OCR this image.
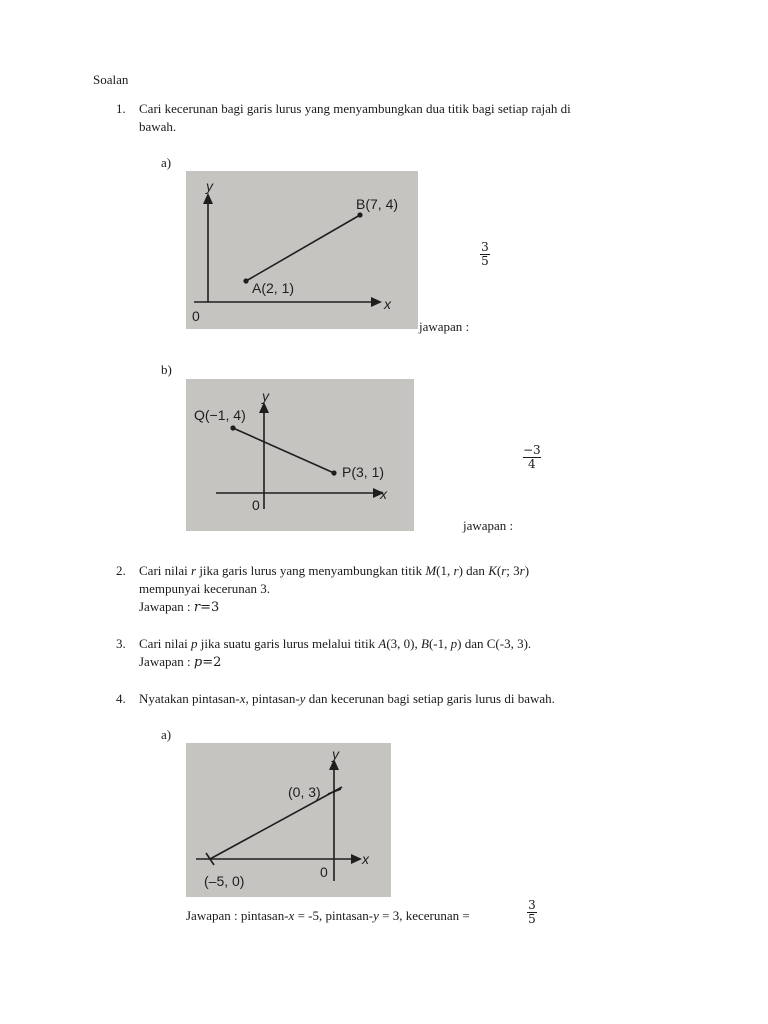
Soalan
1. Cari kecerunan bagi garis lurus yang menyambungkan dua titik bagi setiap rajah di
bawah.
a)
y
x
0
B(7, 4)
A(2, 1)
3
5
jawapan :
b)
y
x
0
Q(−1, 4)
P(3, 1)
−3
4
jawapan :
2. Cari nilai r jika garis lurus yang menyambungkan titik M(1, r) dan K(r; 3r)
mempunyai kecerunan 3.
Jawapan : r=3
3. Cari nilai p jika suatu garis lurus melalui titik A(3, 0), B(-1, p) dan C(-3, 3).
Jawapan : p=2
4. Nyatakan pintasan-x, pintasan-y dan kecerunan bagi setiap garis lurus di bawah.
a)
y
x
0
(0, 3)
(–5, 0)
Jawapan : pintasan-x = -5, pintasan-y = 3, kecerunan =
3
5
